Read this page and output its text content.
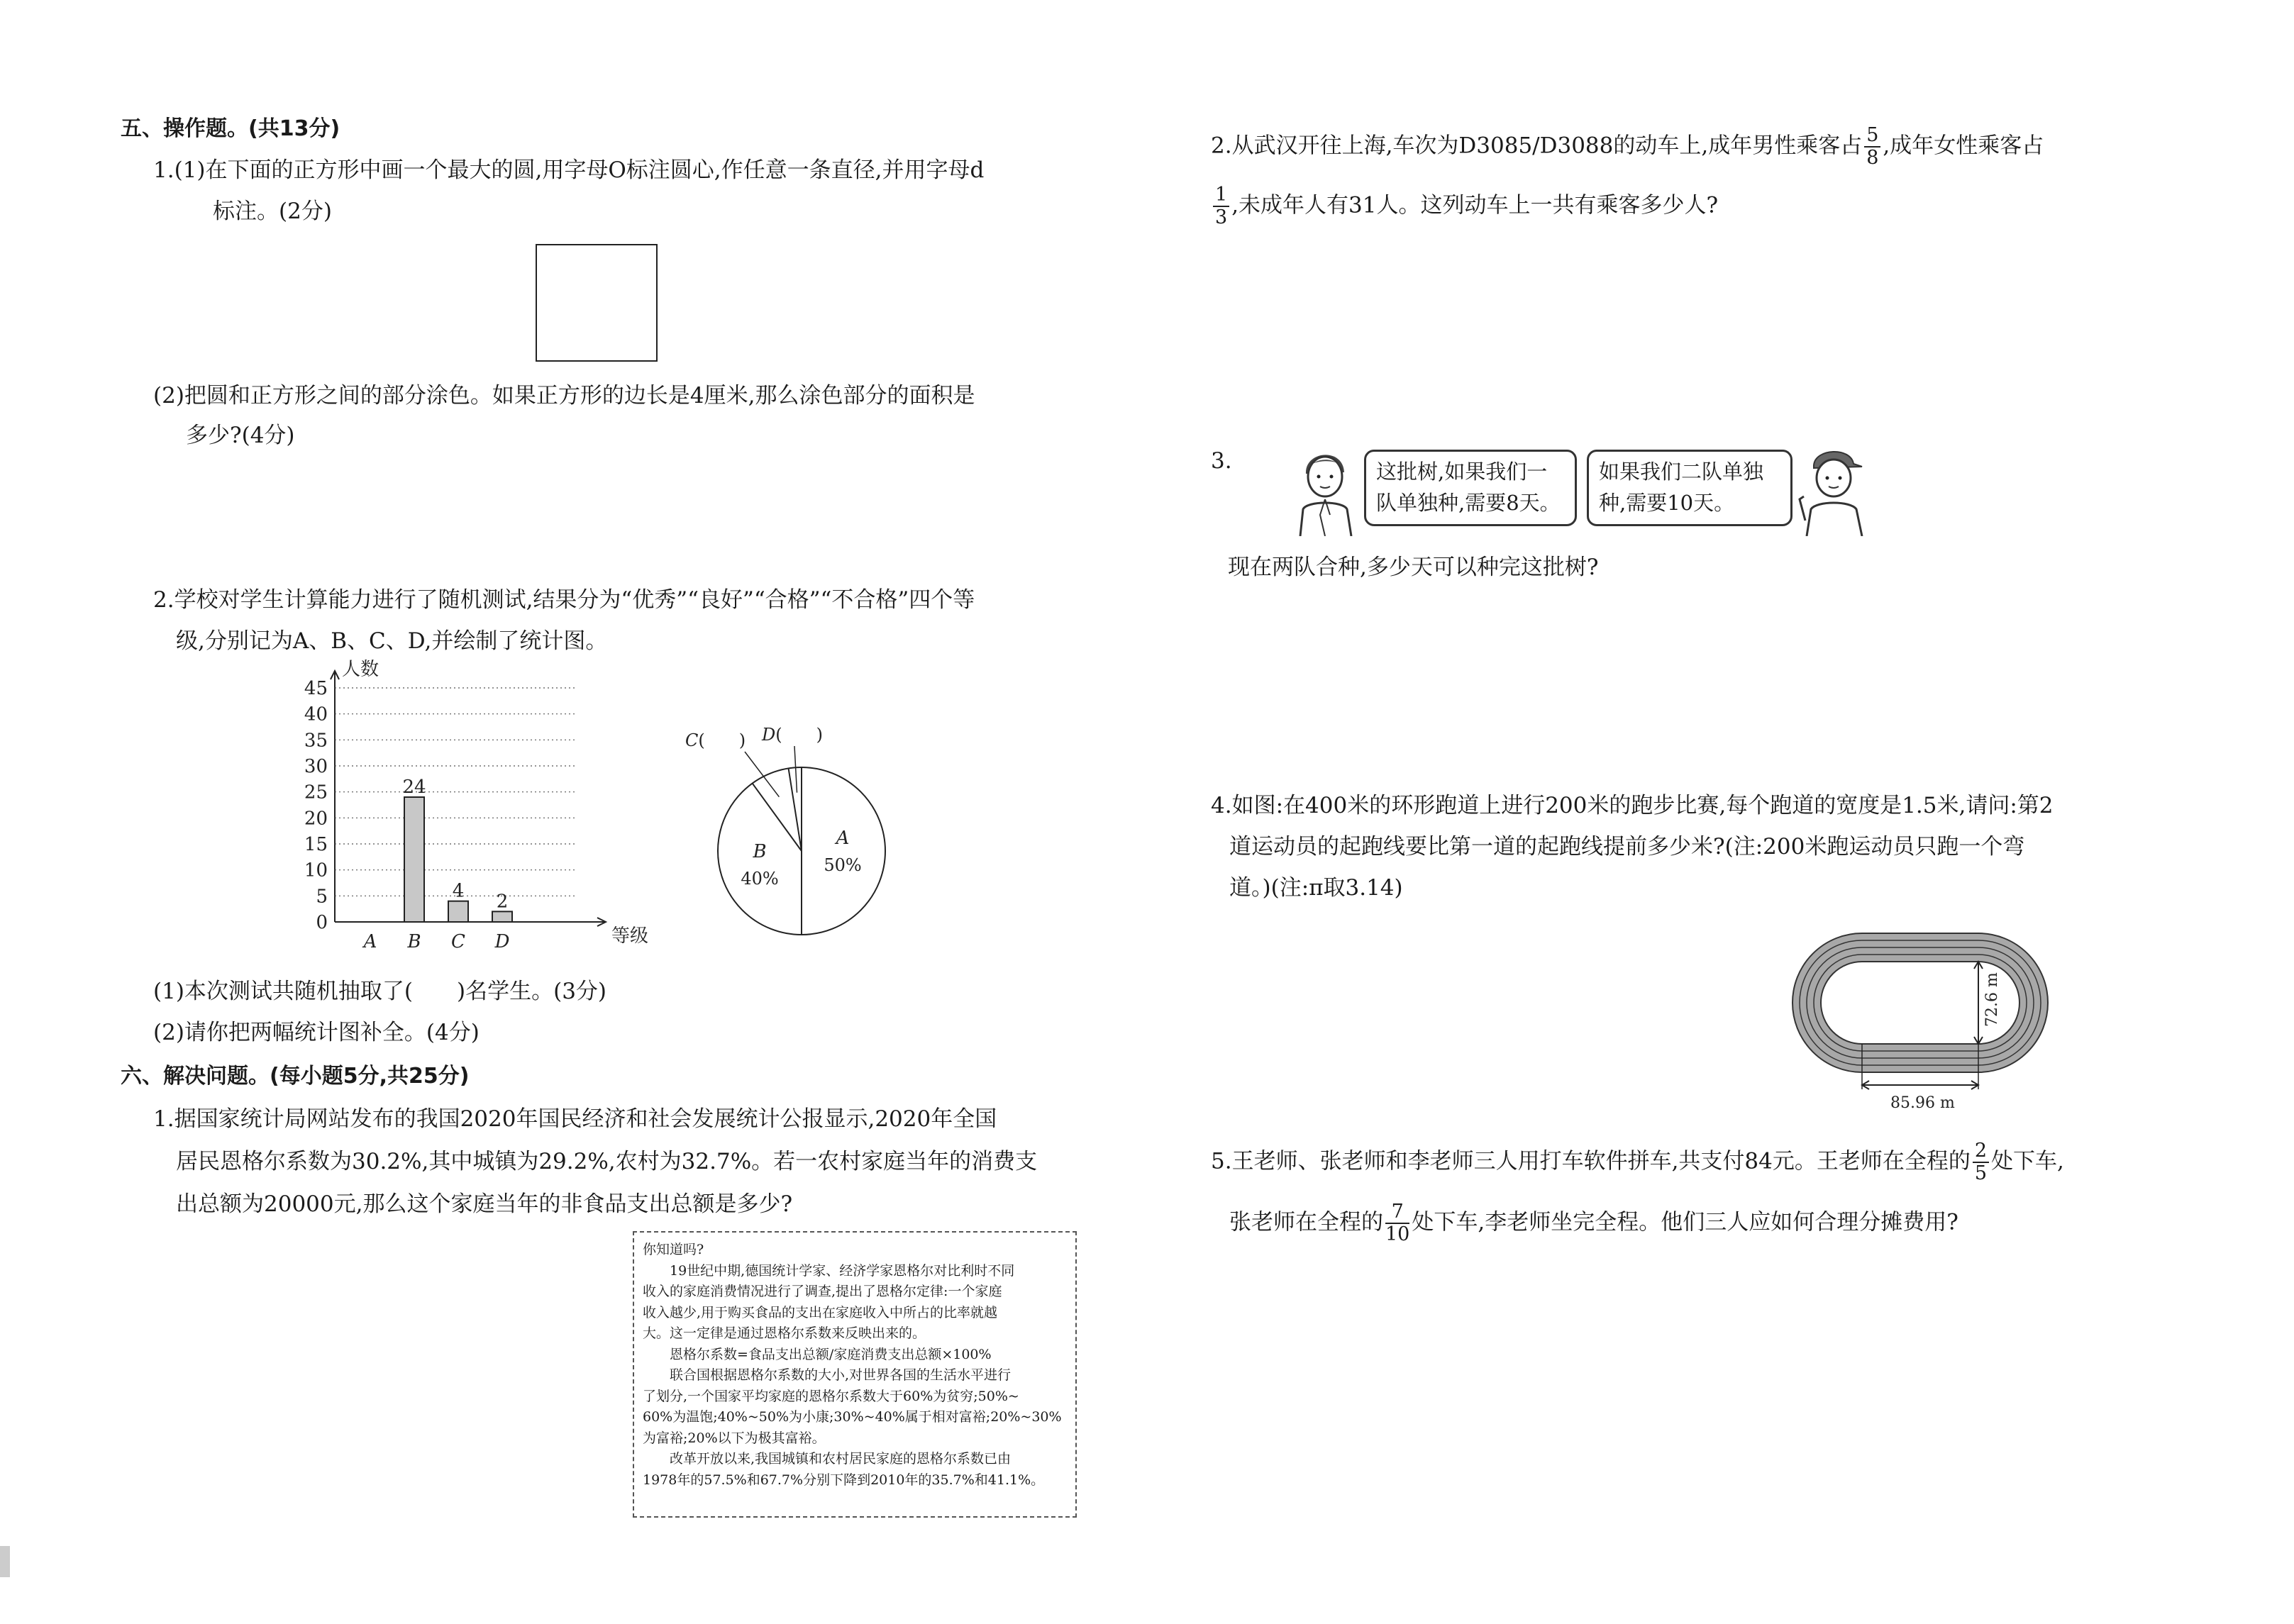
五、操作题。(共13分)
1.(1)在下面的正方形中画一个最大的圆,用字母O标注圆心,作任意一条直径,并用字母d
标注。(2分)
(2)把圆和正方形之间的部分涂色。如果正方形的边长是4厘米,那么涂色部分的面积是
多少?(4分)
2.学校对学生计算能力进行了随机测试,结果分为“优秀”“良好”“合格”“不合格”四个等
级,分别记为A、B、C、D,并绘制了统计图。
人数
0
5
10
15
20
25
30
35
40
45
等级
A
24
B
4
C
2
D
A
50%
B
40%
C(　　) D(　　)
(1)本次测试共随机抽取了(　　)名学生。(3分)
(2)请你把两幅统计图补全。(4分)
六、解决问题。(每小题5分,共25分)
1.据国家统计局网站发布的我国2020年国民经济和社会发展统计公报显示,2020年全国
居民恩格尔系数为30.2%,其中城镇为29.2%,农村为32.7%。若一农村家庭当年的消费支
出总额为20000元,那么这个家庭当年的非食品支出总额是多少?

你知道吗?

　　19世纪中期,德国统计学家、经济学家恩格尔对比利时不同

收入的家庭消费情况进行了调查,提出了恩格尔定律:一个家庭

收入越少,用于购买食品的支出在家庭收入中所占的比率就越

大。这一定律是通过恩格尔系数来反映出来的。

　　恩格尔系数=食品支出总额/家庭消费支出总额×100%

　　联合国根据恩格尔系数的大小,对世界各国的生活水平进行

了划分,一个国家平均家庭的恩格尔系数大于60%为贫穷;50%~

60%为温饱;40%~50%为小康;30%~40%属于相对富裕;20%~30%

为富裕;20%以下为极其富裕。

　　改革开放以来,我国城镇和农村居民家庭的恩格尔系数已由

1978年的57.5%和67.7%分别下降到2010年的35.7%和41.1%。

2.从武汉开往上海,车次为D3085/D3088的动车上,成年男性乘客占 $\frac{5}{8}$ ,成年女性乘客占
$\frac{1}{3}$ ,未成年人有31人。这列动车上一共有乘客多少人?
3.	这批树,如果我们一
队单独种,需要8天。
如果我们二队单独
种,需要10天。
现在两队合种,多少天可以种完这批树?
4.如图:在400米的环形跑道上进行200米的跑步比赛,每个跑道的宽度是1.5米,请问:第2
道运动员的起跑线要比第一道的起跑线提前多少米?(注:200米跑运动员只跑一个弯
道。)(注:π取3.14)
72.6 m
85.96 m
5.王老师、张老师和李老师三人用打车软件拼车,共支付84元。王老师在全程的 $\frac{2}{5}$ 处下车,
张老师在全程的 $\frac{7}{10}$ 处下车,李老师坐完全程。他们三人应如何合理分摊费用?
